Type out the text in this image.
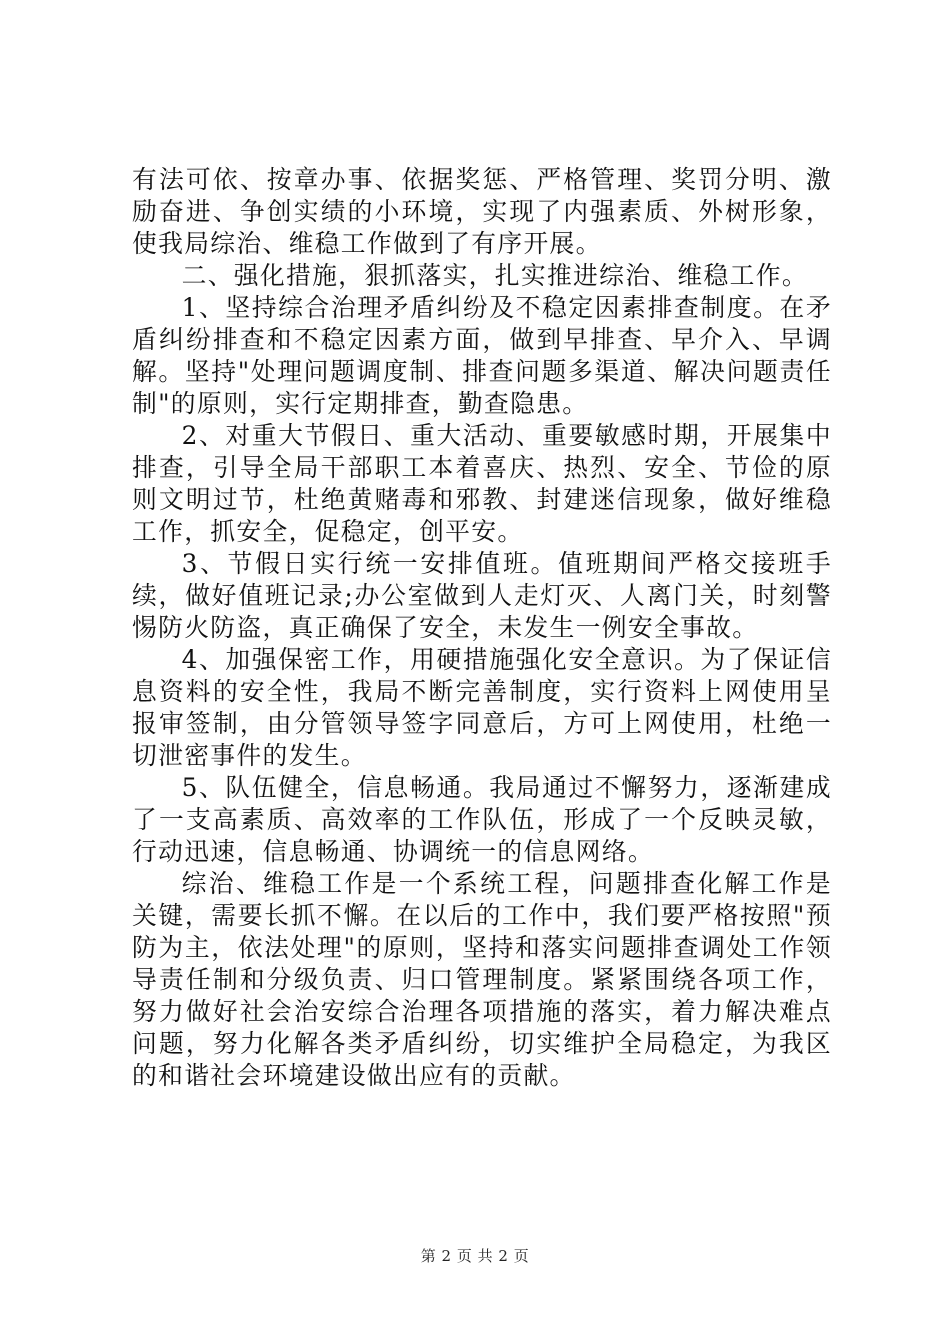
有法可依、按章办事、依据奖惩、严格管理、奖罚分明、激励奋进、争创实绩的小环境，实现了内强素质、外树形象，使我局综治、维稳工作做到了有序开展。

二、强化措施，狠抓落实，扎实推进综治、维稳工作。

1、坚持综合治理矛盾纠纷及不稳定因素排查制度。在矛盾纠纷排查和不稳定因素方面，做到早排查、早介入、早调解。坚持"处理问题调度制、排查问题多渠道、解决问题责任制"的原则，实行定期排查，勤查隐患。

2、对重大节假日、重大活动、重要敏感时期，开展集中排查，引导全局干部职工本着喜庆、热烈、安全、节俭的原则文明过节，杜绝黄赌毒和邪教、封建迷信现象，做好维稳工作，抓安全，促稳定，创平安。

3、节假日实行统一安排值班。值班期间严格交接班手续，做好值班记录;办公室做到人走灯灭、人离门关，时刻警惕防火防盗，真正确保了安全，未发生一例安全事故。

4、加强保密工作，用硬措施强化安全意识。为了保证信息资料的安全性，我局不断完善制度，实行资料上网使用呈报审签制，由分管领导签字同意后，方可上网使用，杜绝一切泄密事件的发生。

5、队伍健全，信息畅通。我局通过不懈努力，逐渐建成了一支高素质、高效率的工作队伍，形成了一个反映灵敏，行动迅速，信息畅通、协调统一的信息网络。

综治、维稳工作是一个系统工程，问题排查化解工作是关键，需要长抓不懈。在以后的工作中，我们要严格按照"预防为主，依法处理"的原则，坚持和落实问题排查调处工作领导责任制和分级负责、归口管理制度。紧紧围绕各项工作，努力做好社会治安综合治理各项措施的落实，着力解决难点问题，努力化解各类矛盾纠纷，切实维护全局稳定，为我区的和谐社会环境建设做出应有的贡献。

第 2 页 共 2 页
